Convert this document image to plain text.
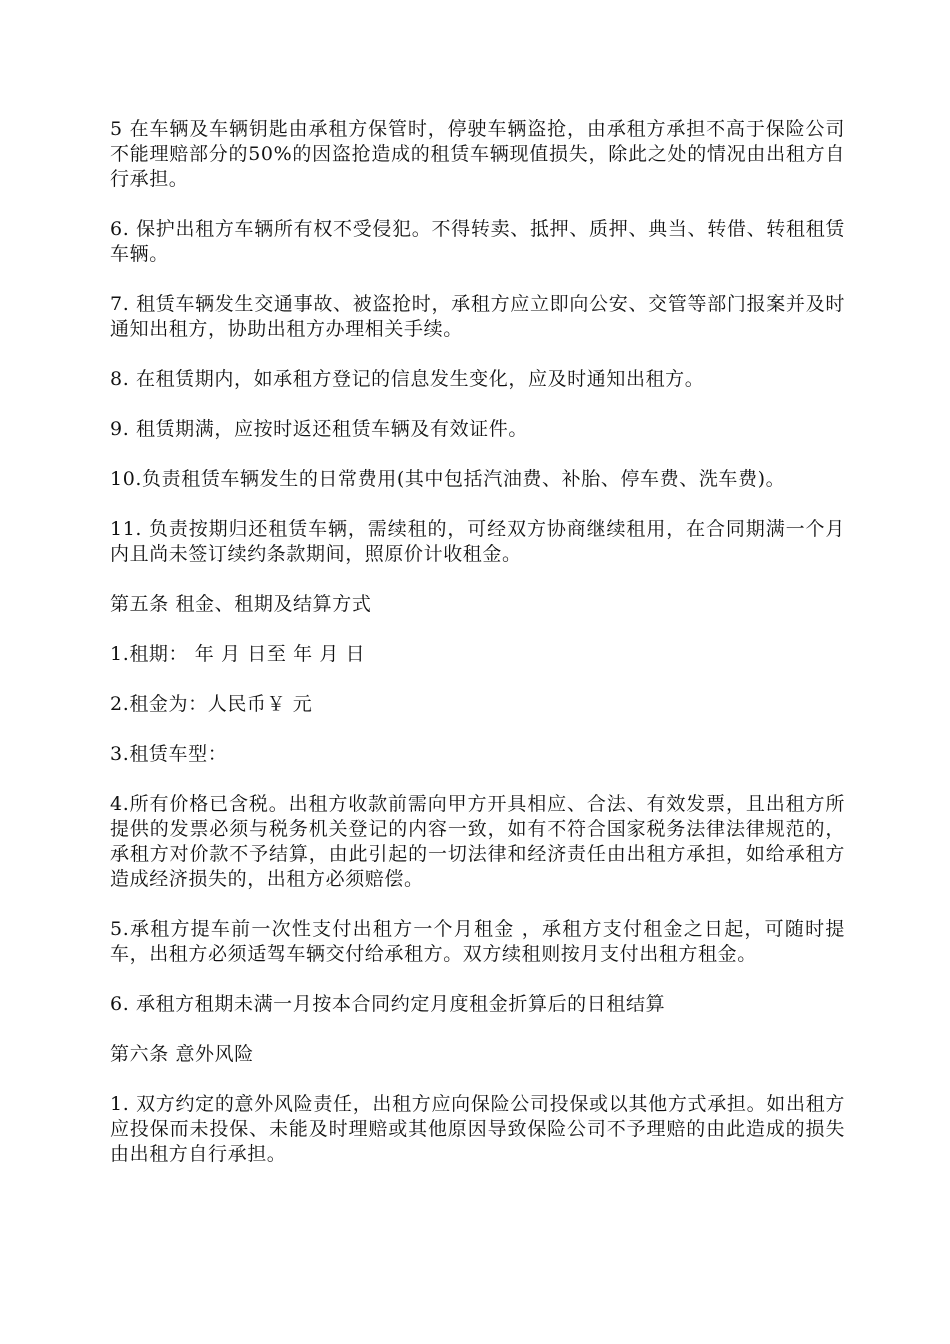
5 在车辆及车辆钥匙由承租方保管时，停驶车辆盗抢，由承租方承担不高于保险公司不能理赔部分的50%的因盗抢造成的租赁车辆现值损失，除此之处的情况由出租方自行承担。

6. 保护出租方车辆所有权不受侵犯。不得转卖、抵押、质押、典当、转借、转租租赁车辆。

7. 租赁车辆发生交通事故、被盗抢时，承租方应立即向公安、交管等部门报案并及时通知出租方，协助出租方办理相关手续。

8. 在租赁期内，如承租方登记的信息发生变化，应及时通知出租方。

9. 租赁期满，应按时返还租赁车辆及有效证件。

10.负责租赁车辆发生的日常费用(其中包括汽油费、补胎、停车费、洗车费)。

11. 负责按期归还租赁车辆，需续租的，可经双方协商继续租用，在合同期满一个月内且尚未签订续约条款期间，照原价计收租金。

第五条 租金、租期及结算方式

1.租期： 年 月 日至 年 月 日

2.租金为：人民币￥ 元

3.租赁车型：

4.所有价格已含税。出租方收款前需向甲方开具相应、合法、有效发票，且出租方所提供的发票必须与税务机关登记的内容一致，如有不符合国家税务法律法律规范的，承租方对价款不予结算，由此引起的一切法律和经济责任由出租方承担，如给承租方造成经济损失的，出租方必须赔偿。

5.承租方提车前一次性支付出租方一个月租金 ，承租方支付租金之日起，可随时提车，出租方必须适驾车辆交付给承租方。双方续租则按月支付出租方租金。

6. 承租方租期未满一月按本合同约定月度租金折算后的日租结算

第六条 意外风险

1. 双方约定的意外风险责任，出租方应向保险公司投保或以其他方式承担。如出租方应投保而未投保、未能及时理赔或其他原因导致保险公司不予理赔的由此造成的损失由出租方自行承担。
